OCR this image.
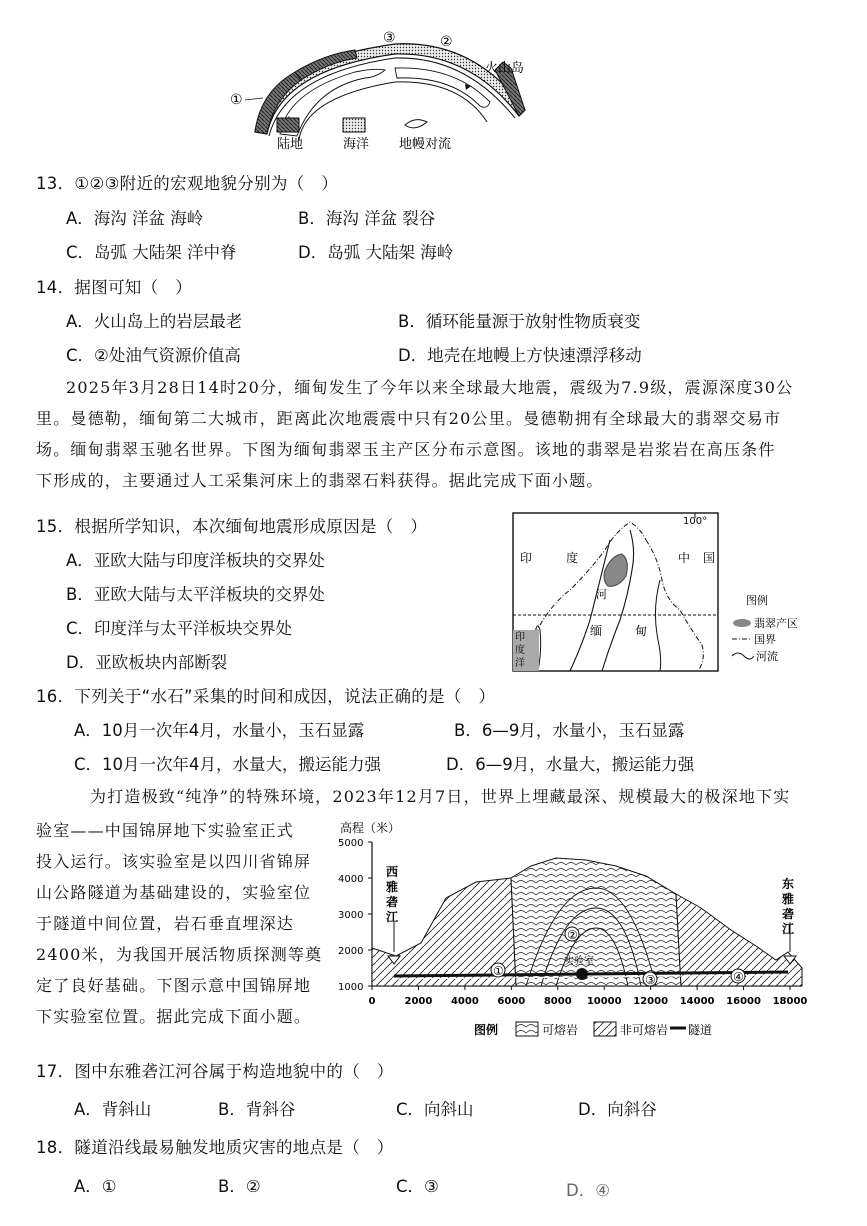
①
③	②
火山岛
陆地	海洋 地幔对流
13．①②③附近的宏观地貌分别为（　）
A．海沟 洋盆 海岭	B．海沟 洋盆 裂谷
C．岛弧 大陆架 洋中脊	D．岛弧 大陆架 海岭
14．据图可知（　）
A．火山岛上的岩层最老	B．循环能量源于放射性物质衰变
C．②处油气资源价值高	D．地壳在地幔上方快速漂浮移动
2025年3月28日14时20分，缅甸发生了今年以来全球最大地震，震级为7.9级，震源深度30公
里。曼德勒，缅甸第二大城市，距离此次地震震中只有20公里。曼德勒拥有全球最大的翡翠交易市
场。缅甸翡翠玉驰名世界。下图为缅甸翡翠玉主产区分布示意图。该地的翡翠是岩浆岩在高压条件
下形成的，主要通过人工采集河床上的翡翠石料获得。据此完成下面小题。
15．根据所学知识，本次缅甸地震形成原因是（　）
A．亚欧大陆与印度洋板块的交界处
B．亚欧大陆与太平洋板块的交界处
C．印度洋与太平洋板块交界处
D．亚欧板块内部断裂
100°
印	度	中 国
缅	甸
河
印
度
洋
图例
翡翠产区
国界
河流
16．下列关于“水石”采集的时间和成因，说法正确的是（　）
A．10月一次年4月，水量小，玉石显露	B．6—9月，水量小，玉石显露
C．10月一次年4月，水量大，搬运能力强	D．6—9月，水量大，搬运能力强
为打造极致“纯净”的特殊环境，2023年12月7日，世界上埋藏最深、规模最大的极深地下实
验室——中国锦屏地下实验室正式
投入运行。该实验室是以四川省锦屏
山公路隧道为基础建设的，实验室位
于隧道中间位置，岩石垂直埋深达
2400米，为我国开展活物质探测等奠
定了良好基础。下图示意中国锦屏地
下实验室位置。据此完成下面小题。
高程（米）
5000
4000
3000
2000
1000
0	2000 4000 6000 8000 10000 12000 14000 16000 18000
西
雅
砻
江
东
雅
砻
江
①
②
实验室
③	④
图例	可熔岩	非可熔岩 隧道
17．图中东雅砻江河谷属于构造地貌中的（　）
A．背斜山	B．背斜谷	C．向斜山	D．向斜谷
18．隧道沿线最易触发地质灾害的地点是（　）
A．①	B．②	C．③	D．④
